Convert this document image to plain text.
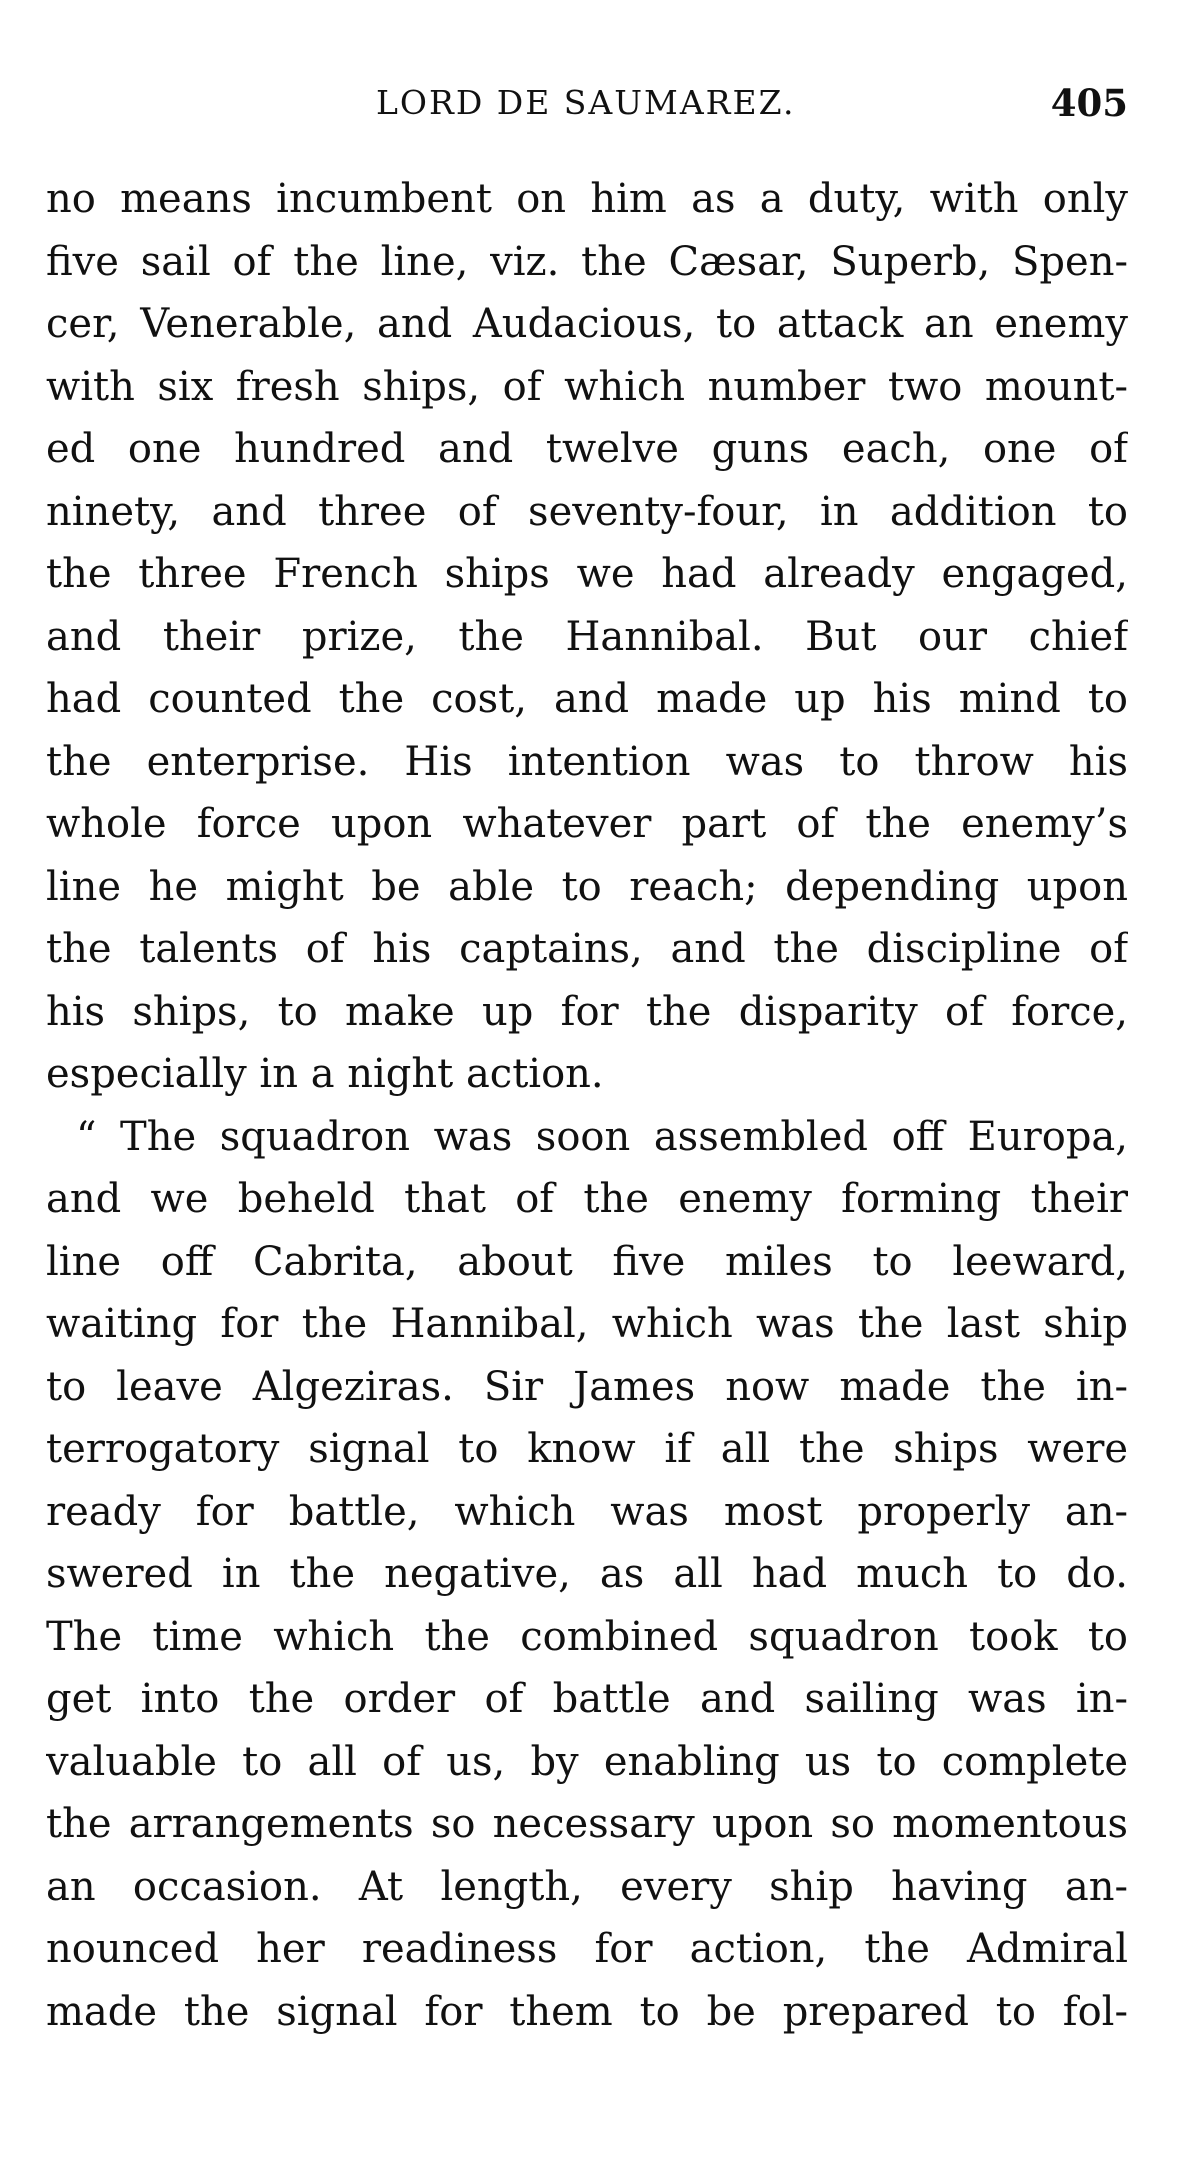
LORD DE SAUMAREZ.	405
no means incumbent on him as a duty, with only
five sail of the line, viz. the Cæsar, Superb, Spen-
cer, Venerable, and Audacious, to attack an enemy
with six fresh ships, of which number two mount-
ed one hundred and twelve guns each, one of
ninety, and three of seventy-four, in addition to
the three French ships we had already engaged,
and their prize, the Hannibal. But our chief
had counted the cost, and made up his mind to
the enterprise. His intention was to throw his
whole force upon whatever part of the enemy’s
line he might be able to reach; depending upon
the talents of his captains, and the discipline of
his ships, to make up for the disparity of force,
especially in a night action.
“ The squadron was soon assembled off Europa,
and we beheld that of the enemy forming their
line off Cabrita, about five miles to leeward,
waiting for the Hannibal, which was the last ship
to leave Algeziras. Sir James now made the in-
terrogatory signal to know if all the ships were
ready for battle, which was most properly an-
swered in the negative, as all had much to do.
The time which the combined squadron took to
get into the order of battle and sailing was in-
valuable to all of us, by enabling us to complete
the arrangements so necessary upon so momentous
an occasion. At length, every ship having an-
nounced her readiness for action, the Admiral
made the signal for them to be prepared to fol-
